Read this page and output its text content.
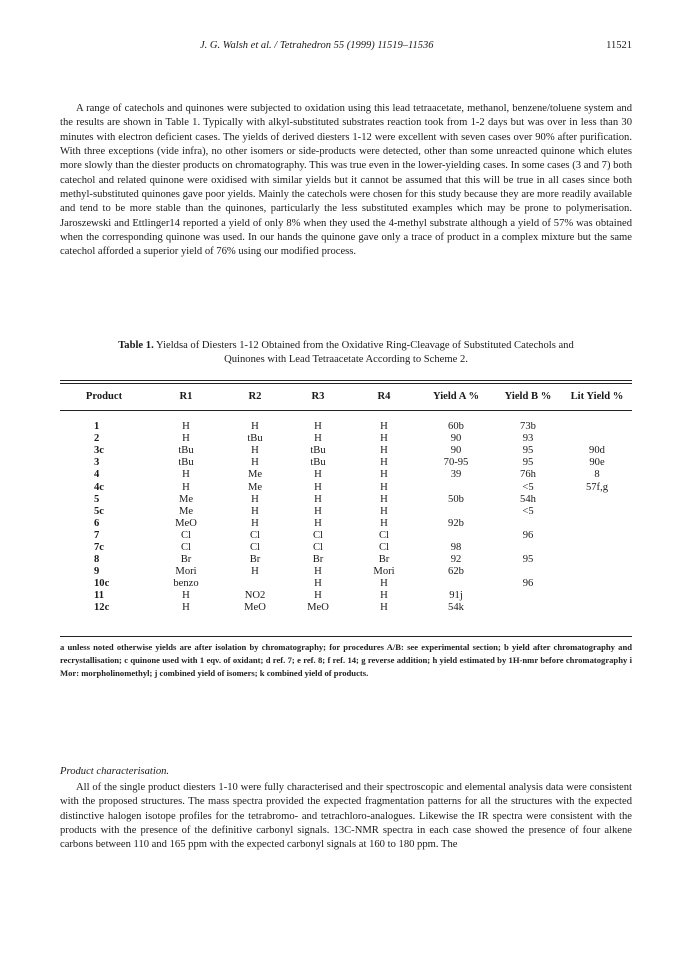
J. G. Walsh et al. / Tetrahedron 55 (1999) 11519–11536	11521

A range of catechols and quinones were subjected to oxidation using this lead tetraacetate, methanol, benzene/toluene system and the results are shown in Table 1. Typically with alkyl-substituted substrates reaction took from 1-2 days but was over in less than 30 minutes with electron deficient cases. The yields of derived diesters 1-12 were excellent with seven cases over 90% after purification. With three exceptions (vide infra), no other isomers or side-products were detected, other than some unreacted quinone which elutes more slowly than the diester products on chromatography. This was true even in the lower-yielding cases. In some cases (3 and 7) both catechol and related quinone were oxidised with similar yields but it cannot be assumed that this will be true in all cases since both methyl-substituted quinones gave poor yields. Mainly the catechols were chosen for this study because they are more readily available and tend to be more stable than the quinones, particularly the less substituted examples which may be prone to polymerisation. Jaroszewski and Ettlinger14 reported a yield of only 8% when they used the 4-methyl substrate although a yield of 57% was obtained when the corresponding quinone was used. In our hands the quinone gave only a trace of product in a complex mixture but the same catechol afforded a superior yield of 76% using our modified process.

Table 1. Yieldsa of Diesters 1-12 Obtained from the Oxidative Ring-Cleavage of Substituted Catechols and
Quinones with Lead Tetraacetate According to Scheme 2.

Product	R1	R2	R3	R4	Yield A %	Yield B %	Lit Yield %
1	H	H	H	H	60b	73b	
2	H	tBu	H	H	90	93	
3c	tBu	H	tBu	H	90	95	90d
3	tBu	H	tBu	H	70-95	95	90e
4	H	Me	H	H	39	76h	8
4c	H	Me	H	H		<5	57f,g
5	Me	H	H	H	50b	54h	
5c	Me	H	H	H		<5	
6	MeO	H	H	H	92b		
7	Cl	Cl	Cl	Cl		96	
7c	Cl	Cl	Cl	Cl	98		
8	Br	Br	Br	Br	92	95	
9	Mori	H	H	Mori	62b		
10c	benzo		H	H		96	
11	H	NO2	H	H	91j		
12c	H	MeO	MeO	H	54k		

a unless noted otherwise yields are after isolation by chromatography; for procedures A/B: see experimental section; b yield after chromatography and recrystallisation; c quinone used with 1 eqv. of oxidant; d ref. 7; e ref. 8; f ref. 14; g reverse addition; h yield estimated by 1H-nmr before chromatography i Mor: morpholinomethyl; j combined yield of isomers; k combined yield of products.

Product characterisation.

All of the single product diesters 1-10 were fully characterised and their spectroscopic and elemental analysis data were consistent with the proposed structures. The mass spectra provided the expected fragmentation patterns for all the structures with the expected distinctive halogen isotope profiles for the tetrabromo- and tetrachloro-analogues. Likewise the IR spectra were consistent with the products with the presence of the definitive carbonyl signals. 13C-NMR spectra in each case showed the presence of four alkene carbons between 110 and 165 ppm with the expected carbonyl signals at 160 to 180 ppm. The
